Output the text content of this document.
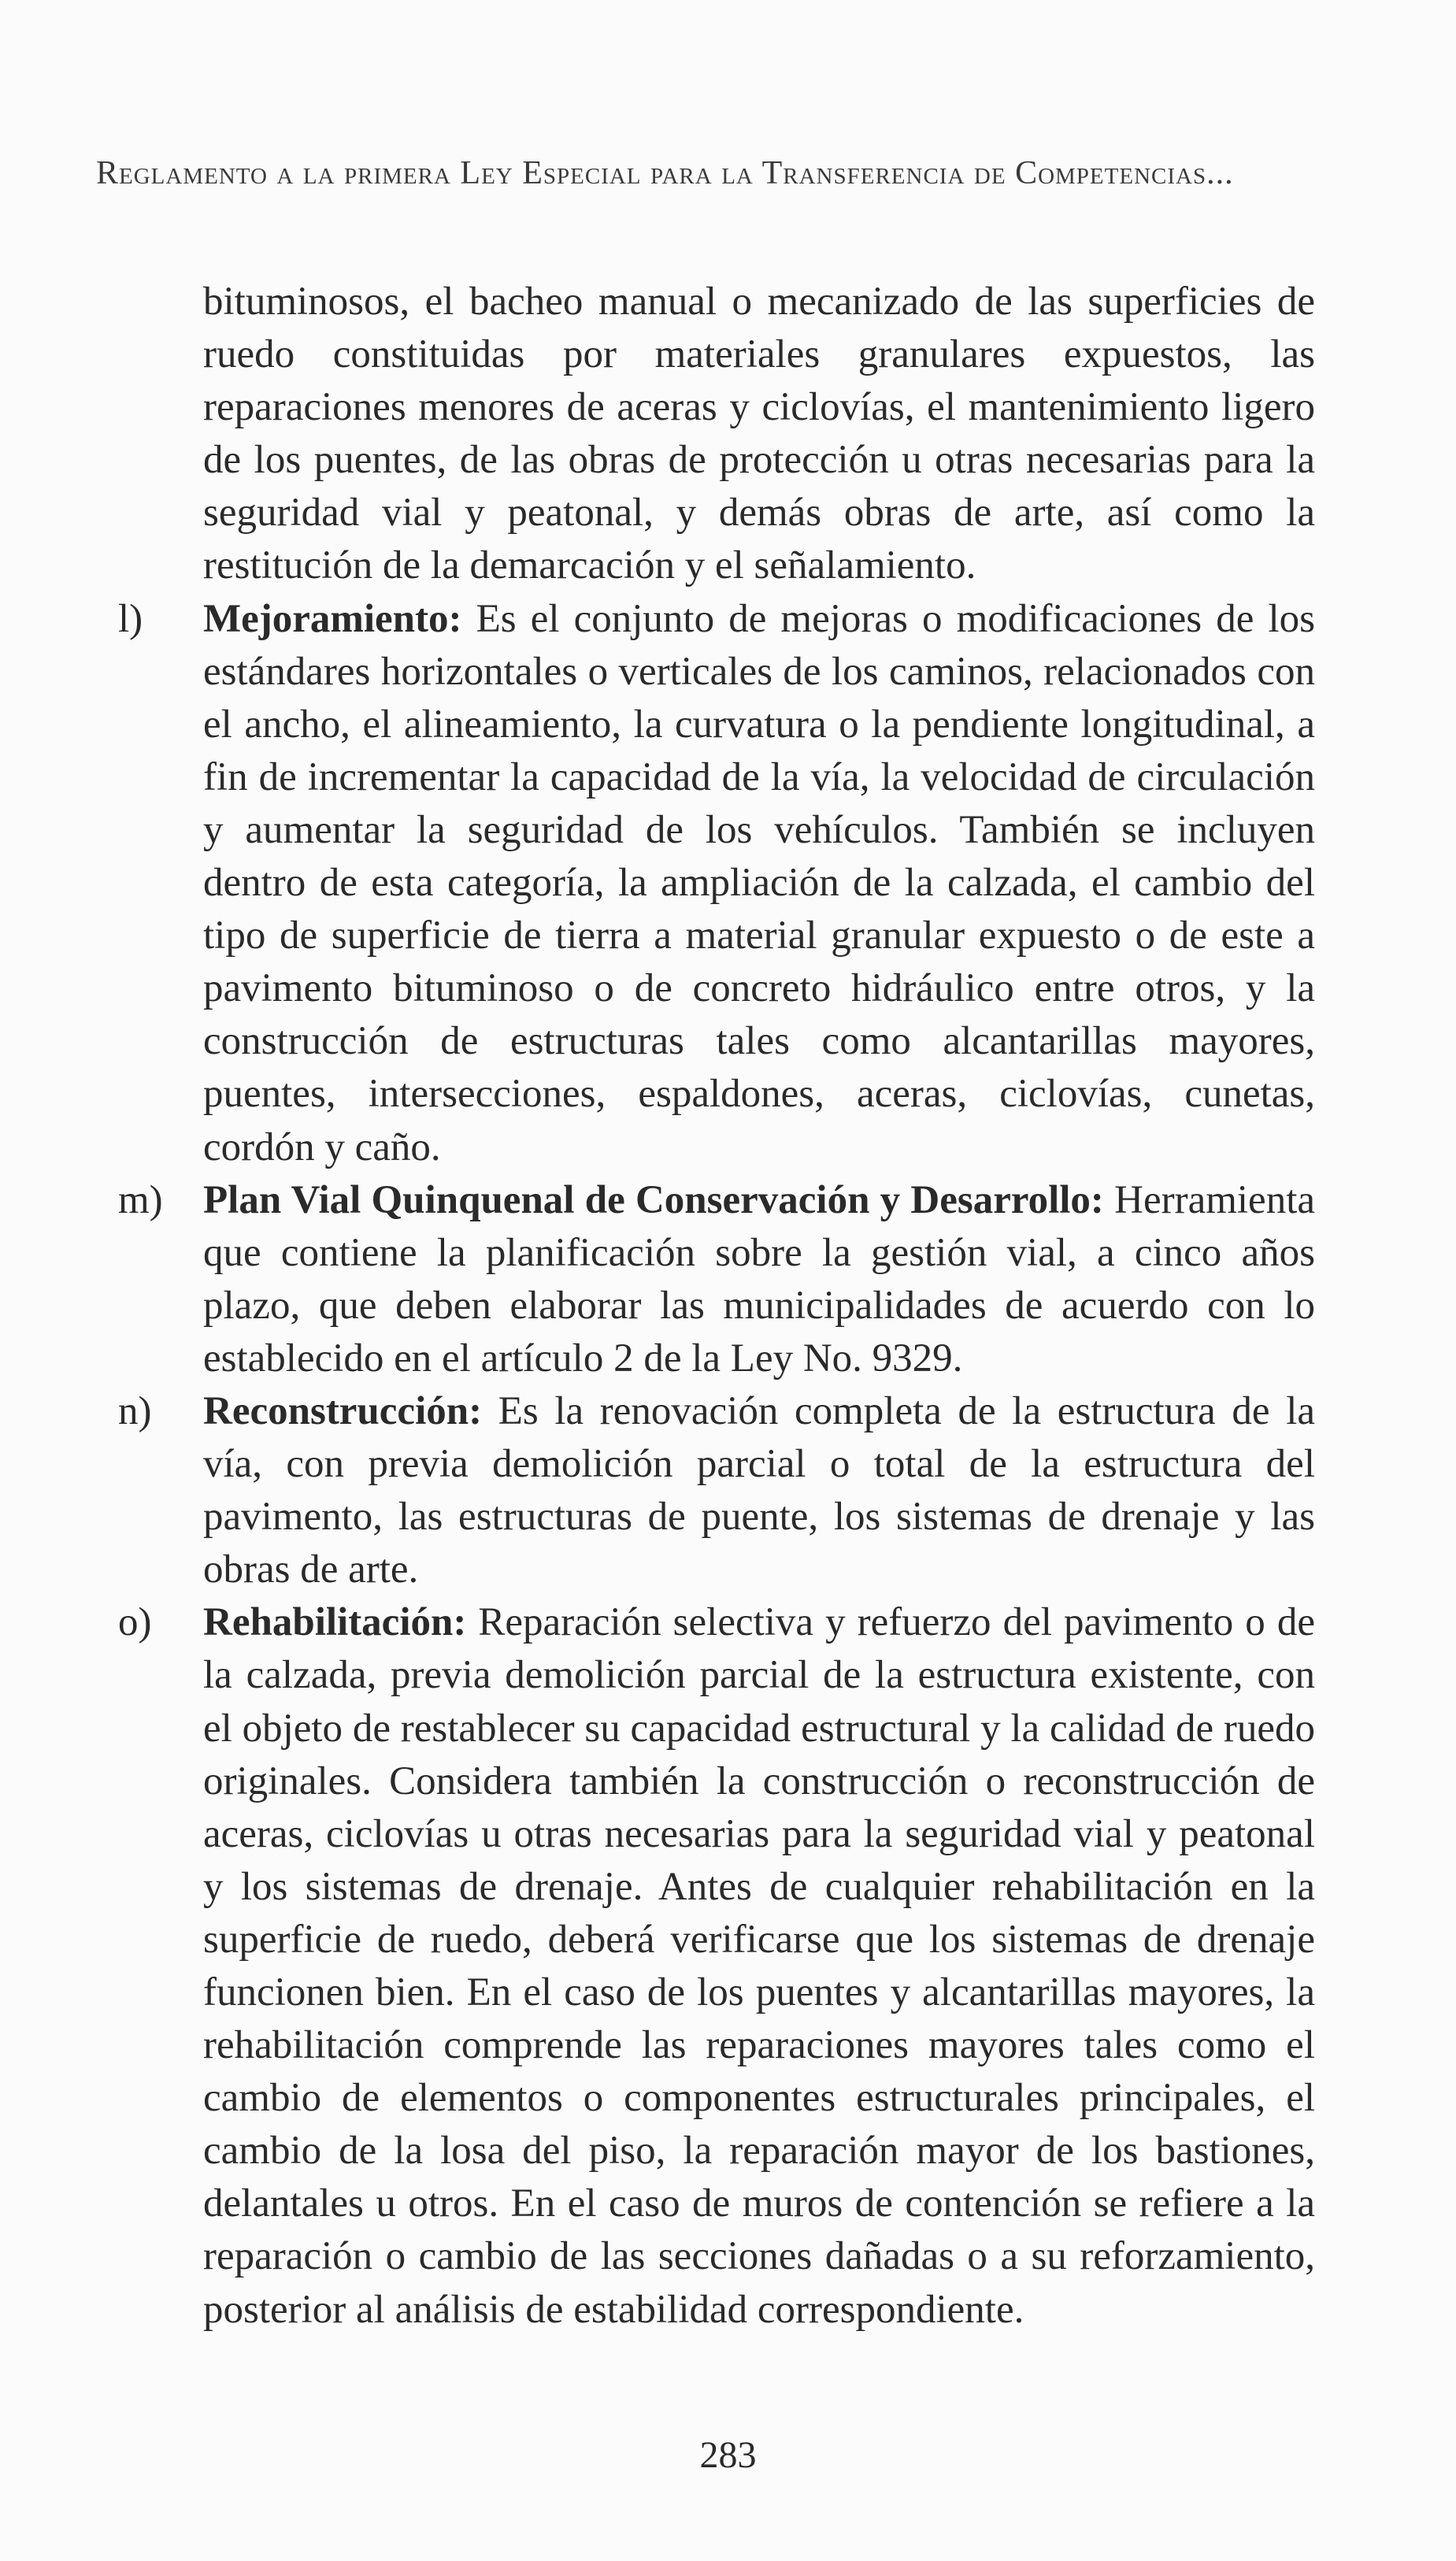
Reglamento a la primera Ley Especial para la Transferencia de Competencias...

bituminosos, el bacheo manual o mecanizado de las superficies de ruedo constituidas por materiales granulares expuestos, las reparaciones menores de aceras y ciclovías, el mantenimiento ligero de los puentes, de las obras de protección u otras necesarias para la seguridad vial y peatonal, y demás obras de arte, así como la restitución de la demarcación y el señalamiento.

l)	Mejoramiento: Es el conjunto de mejoras o modificaciones de los estándares horizontales o verticales de los caminos, relacionados con el ancho, el alineamiento, la curvatura o la pendiente longitudinal, a fin de incrementar la capacidad de la vía, la velocidad de circulación y aumentar la seguridad de los vehículos. También se incluyen dentro de esta categoría, la ampliación de la calzada, el cambio del tipo de superficie de tierra a material granular expuesto o de este a pavimento bituminoso o de concreto hidráulico entre otros, y la construcción de estructuras tales como alcantarillas mayores, puentes, intersecciones, espaldones, aceras, ciclovías, cunetas, cordón y caño.
m)	Plan Vial Quinquenal de Conservación y Desarrollo: Herramienta que contiene la planificación sobre la gestión vial, a cinco años plazo, que deben elaborar las municipalidades de acuerdo con lo establecido en el artículo 2 de la Ley No. 9329.
n)	Reconstrucción: Es la renovación completa de la estructura de la vía, con previa demolición parcial o total de la estructura del pavimento, las estructuras de puente, los sistemas de drenaje y las obras de arte.
o)	Rehabilitación: Reparación selectiva y refuerzo del pavimento o de la calzada, previa demolición parcial de la estructura existente, con el objeto de restablecer su capacidad estructural y la calidad de ruedo originales. Considera también la construcción o reconstrucción de aceras, ciclovías u otras necesarias para la seguridad vial y peatonal y los sistemas de drenaje. Antes de cualquier rehabilitación en la superficie de ruedo, deberá verificarse que los sistemas de drenaje funcionen bien. En el caso de los puentes y alcantarillas mayores, la rehabilitación comprende las reparaciones mayores tales como el cambio de elementos o componentes estructurales principales, el cambio de la losa del piso, la reparación mayor de los bastiones, delantales u otros. En el caso de muros de contención se refiere a la reparación o cambio de las secciones dañadas o a su reforzamiento, posterior al análisis de estabilidad correspondiente.
283
